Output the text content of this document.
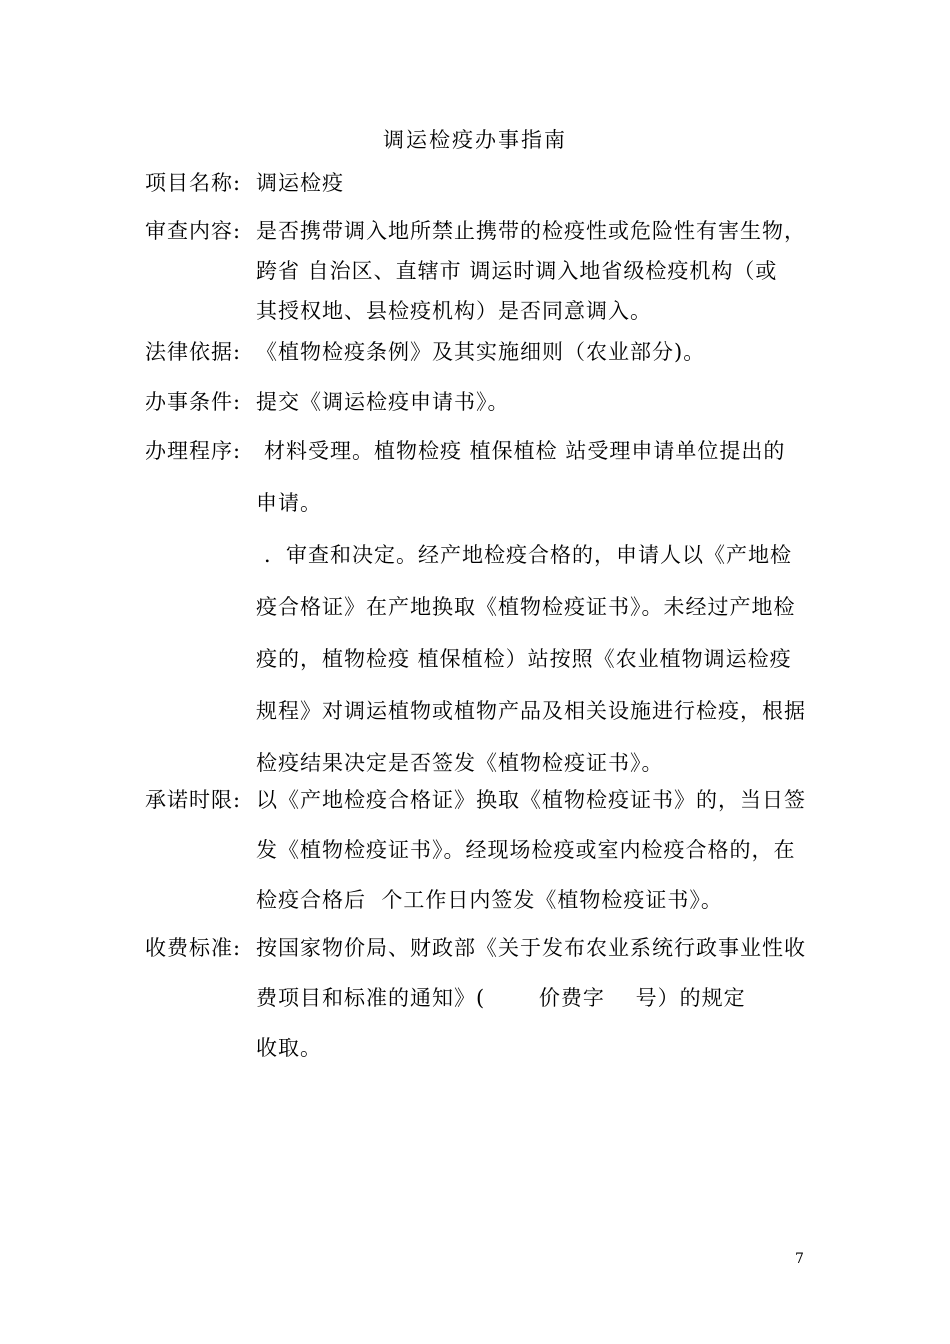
调运检疫办事指南
项目名称: 调运检疫
审查内容: 是否携带调入地所禁止携带的检疫性或危险性有害生物，
跨省 自治区、直辖市 调运时调入地省级检疫机构（或
其授权地、县检疫机构）是否同意调入。
法律依据: 《植物检疫条例》及其实施细则（农业部分)。
办事条件: 提交《调运检疫申请书》。
办理程序:	材料受理。植物检疫 植保植检 站受理申请单位提出的
申请。
．审查和决定。经产地检疫合格的，申请人以《产地检
疫合格证》在产地换取《植物检疫证书》。未经过产地检
疫的，植物检疫 植保植检）站按照《农业植物调运检疫
规程》对调运植物或植物产品及相关设施进行检疫，根据
检疫结果决定是否签发《植物检疫证书》。
承诺时限: 以《产地检疫合格证》换取《植物检疫证书》的，当日签
发《植物检疫证书》。经现场检疫或室内检疫合格的，在
检疫合格后  个工作日内签发《植物检疫证书》。
收费标准: 按国家物价局、财政部《关于发布农业系统行政事业性收
费项目和标准的通知》(       价费字    号）的规定
收取。
7
